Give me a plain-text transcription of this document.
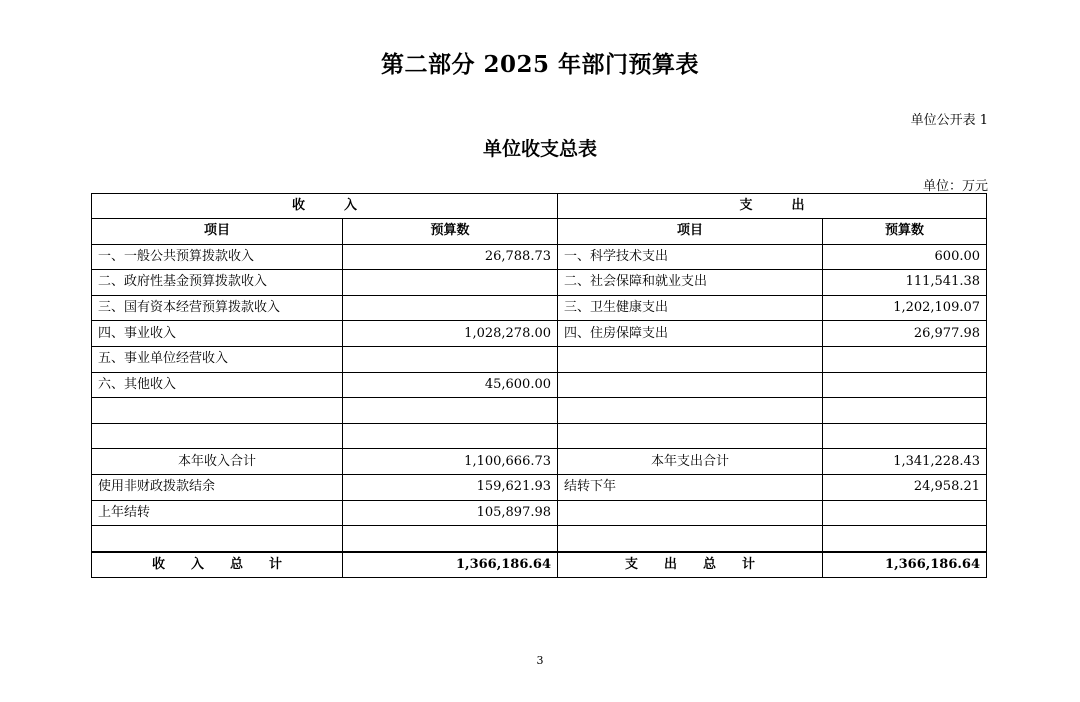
第二部分 2025 年部门预算表
单位公开表 1
单位收支总表
单位：万元
收　　　入		支　　　出	
项目	预算数	项目	预算数
一、一般公共预算拨款收入	26,788.73	一、科学技术支出	600.00
二、政府性基金预算拨款收入		二、社会保障和就业支出	111,541.38
三、国有资本经营预算拨款收入		三、卫生健康支出	1,202,109.07
四、事业收入	1,028,278.00	四、住房保障支出	26,977.98
五、事业单位经营收入			
六、其他收入	45,600.00		

本年收入合计	1,100,666.73	本年支出合计	1,341,228.43
使用非财政拨款结余	159,621.93	结转下年	24,958.21
上年结转	105,897.98		

收　　入　　总　　计	1,366,186.64	支　　出　　总　　计	1,366,186.64
3
